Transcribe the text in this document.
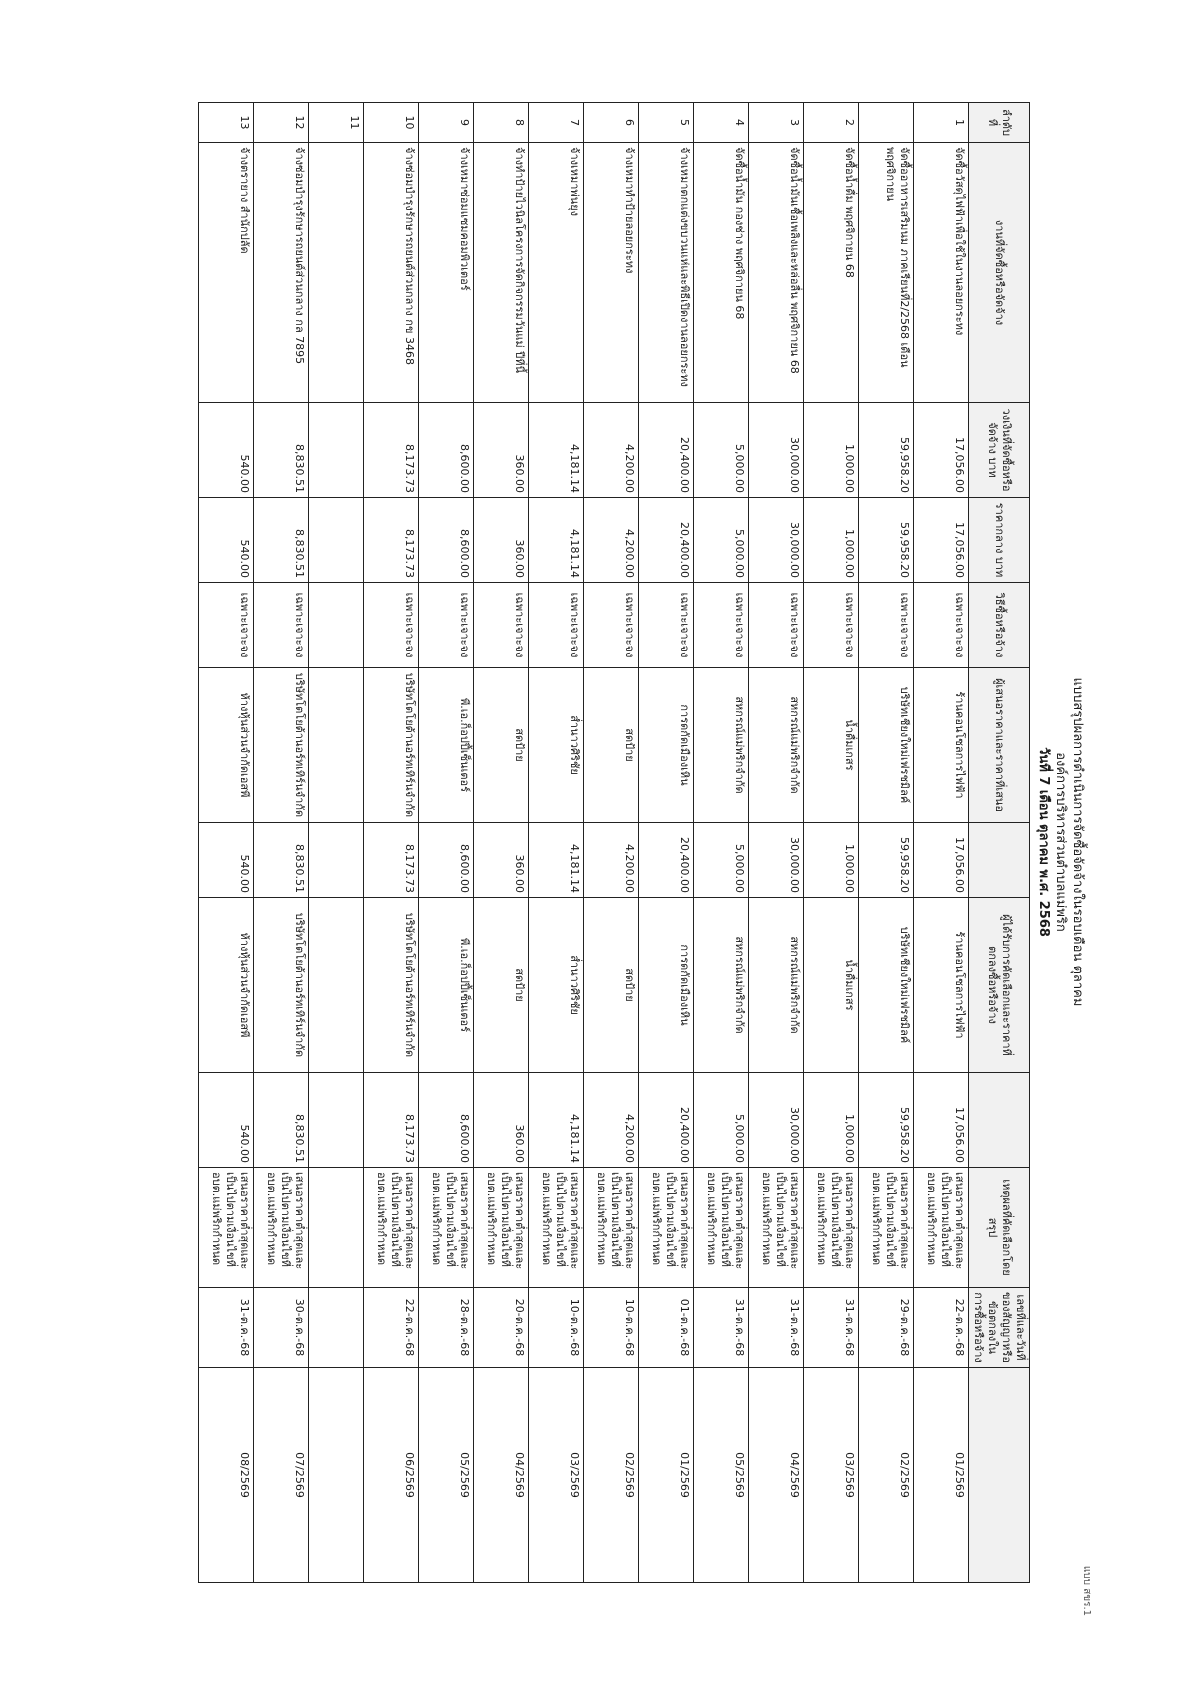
แบบ สขร.1
แบบสรุปผลการดำเนินการจัดซื้อจัดจ้างในรอบเดือน ตุลาคม
องค์การบริหารส่วนตำบลแม่พริก
วันที่ 7 เดือน ตุลาคม พ.ศ. 2568
ลำดับที่	งานที่จัดซื้อหรือจัดจ้าง	วงเงินที่จัดซื้อหรือจัดจ้าง บาท	ราคากลาง บาท	วิธีซื้อหรือจ้าง	ผู้เสนอราคาและราคาที่เสนอ		ผู้ได้รับการคัดเลือกและราคาที่ตกลงซื้อหรือจ้าง		เหตุผลที่คัดเลือกโดยสรุป	เลขที่และวันที่ของสัญญาหรือข้อตกลงในการซื้อหรือจ้าง	
1	จัดซื้อวัสดุไฟฟ้าเพื่อใช้ในงานลอยกระทง	17,056.00	17,056.00	เฉพาะเจาะจง	ร้านคอนโซลการไฟฟ้า	17,056.00	ร้านคอนโซลการไฟฟ้า	17,056.00	เสนอราคาต่ำสุดและเป็นไปตามเงื่อนไขที่ อบต.แม่พริกกำหนด	22-ต.ค.-68	01/2569
	จัดซื้ออาหารเสริมนม ภาคเรียนที่2/2568 เดือน พฤศจิกายน	59,958.20	59,958.20	เฉพาะเจาะจง	บริษัทเชียงใหม่เฟรชมิลค์	59,958.20	บริษัทเชียงใหม่เฟรชมิลค์	59,958.20	เสนอราคาต่ำสุดและเป็นไปตามเงื่อนไขที่ อบต.แม่พริกกำหนด	29-ต.ค.-68	02/2569
2	จัดซื้อน้ำดื่ม พฤศจิกายน 68	1,000.00	1,000.00	เฉพาะเจาะจง	น้ำดื่มเกสร	1,000.00	น้ำดื่มเกสร	1,000.00	เสนอราคาต่ำสุดและเป็นไปตามเงื่อนไขที่ อบต.แม่พริกกำหนด	31-ต.ค.-68	03/2569
3	จัดซื้อน้ำมันเชื้อเพลิงและหล่อลื่น พฤศจิกายน 68	30,000.00	30,000.00	เฉพาะเจาะจง	สหกรณ์แม่พริกจำกัด	30,000.00	สหกรณ์แม่พริกจำกัด	30,000.00	เสนอราคาต่ำสุดและเป็นไปตามเงื่อนไขที่ อบต.แม่พริกกำหนด	31-ต.ค.-68	04/2569
4	จัดซื้อน้ำมัน กองช่าง พฤศจิกายน 68	5,000.00	5,000.00	เฉพาะเจาะจง	สหกรณ์แม่พริกจำกัด	5,000.00	สหกรณ์แม่พริกจำกัด	5,000.00	เสนอราคาต่ำสุดและเป็นไปตามเงื่อนไขที่ อบต.แม่พริกกำหนด	31-ต.ค.-68	05/2569
5	จ้างเหมาตกแต่งขบวนแห่และพิธีเปิดงานลอยกระทง	20,400.00	20,400.00	เฉพาะเจาะจง	การดกัดเมืองเหิน	20,400.00	การดกัดเมืองเหิน	20,400.00	เสนอราคาต่ำสุดและเป็นไปตามเงื่อนไขที่ อบต.แม่พริกกำหนด	01-ต.ค.-68	01/2569
6	จ้างเหมาทำป้ายลอยกระทง	4,200.00	4,200.00	เฉพาะเจาะจง	สดป้าย	4,200.00	สดป้าย	4,200.00	เสนอราคาต่ำสุดและเป็นไปตามเงื่อนไขที่ อบต.แม่พริกกำหนด	10-ต.ค.-68	02/2569
7	จ้างเหมาพ่นยุง	4,181.14	4,181.14	เฉพาะเจาะจง	ส่ำนาวศิริชัย	4,181.14	ส่ำนาวศิริชัย	4,181.14	เสนอราคาต่ำสุดและเป็นไปตามเงื่อนไขที่ อบต.แม่พริกกำหนด	10-ต.ค.-68	03/2569
8	จ้างทำป้ายไวนิลโครงการจัดกิจกรรมวันแม่ ปีที่นี้	360.00	360.00	เฉพาะเจาะจง	สดป้าย	360.00	สดป้าย	360.00	เสนอราคาต่ำสุดและเป็นไปตามเงื่อนไขที่ อบต.แม่พริกกำหนด	20-ต.ค.-68	04/2569
9	จ้างเหมาซ่อมแซมคอมพิวเตอร์	8,600.00	8,600.00	เฉพาะเจาะจง	พี.เอ.ก็อปปี้เซ็นเตอร์	8,600.00	พี.เอ.ก็อปปี้เซ็นเตอร์	8,600.00	เสนอราคาต่ำสุดและเป็นไปตามเงื่อนไขที่ อบต.แม่พริกกำหนด	28-ต.ค.-68	05/2569
10	จ้างซ่อมบำรุงรักษารถยนต์ส่วนกลาง กข 3468	8,173.73	8,173.73	เฉพาะเจาะจง	บริษัทโตโยต้านอร์ทเทิร์นจำกัด	8,173.73	บริษัทโตโยต้านอร์ทเทิร์นจำกัด	8,173.73	เสนอราคาต่ำสุดและเป็นไปตามเงื่อนไขที่ อบต.แม่พริกกำหนด	22-ต.ค.-68	06/2569
11											
12	จ้างซ่อมบำรุงรักษารถยนต์ส่วนกลาง กล 7895	8,830.51	8,830.51	เฉพาะเจาะจง	บริษัทโตโยต้านอร์ทเทิร์นจำกัด	8,830.51	บริษัทโตโยต้านอร์ทเทิร์นจำกัด	8,830.51	เสนอราคาต่ำสุดและเป็นไปตามเงื่อนไขที่ อบต.แม่พริกกำหนด	30-ต.ค.-68	07/2569
13	จ้างตรายาง สำนักปลัด	540.00	540.00	เฉพาะเจาะจง	ห้างหุ้นส่วนจำกัดเอสพี	540.00	ห้างหุ้นส่วนจำกัดเอสพี	540.00	เสนอราคาต่ำสุดและเป็นไปตามเงื่อนไขที่ อบต.แม่พริกกำหนด	31-ต.ค.-68	08/2569
